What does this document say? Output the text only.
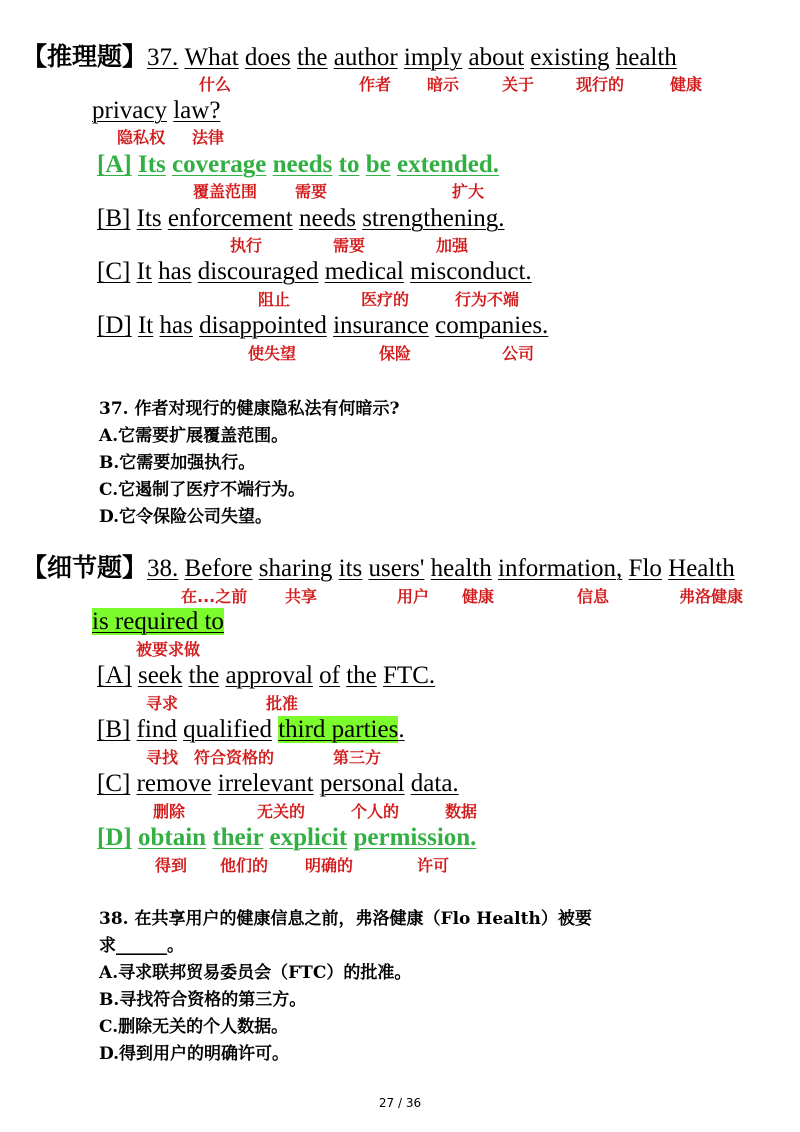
【推理题】37. What does the author imply about existing health
什么	作者 暗示	关于	现行的	健康
privacy law?
隐私权 法律
[A] Its coverage needs to be extended.
覆盖范围 需要	扩大
[B] Its enforcement needs strengthening.
执行	需要	加强
[C] It has discouraged medical misconduct.
阻止	医疗的	行为不端
[D] It has disappointed insurance companies.
使失望	保险	公司
37. 作者对现行的健康隐私法有何暗示?
A.它需要扩展覆盖范围。
B.它需要加强执行。
C.它遏制了医疗不端行为。
D.它令保险公司失望。
【细节题】38. Before sharing its users' health information, Flo Health
在...之前 共享	用户 健康	信息	弗洛健康
is required to
被要求做
[A] seek the approval of the FTC.
寻求	批准
[B] find qualified third parties.
寻找 符合资格的	第三方
[C] remove irrelevant personal data.
删除	无关的	个人的	数据
[D] obtain their explicit permission.
得到 他们的 明确的	许可
38. 在共享用户的健康信息之前，弗洛健康（Flo Health）被要
求______。
A.寻求联邦贸易委员会（FTC）的批准。
B.寻找符合资格的第三方。
C.删除无关的个人数据。
D.得到用户的明确许可。
27 / 36
